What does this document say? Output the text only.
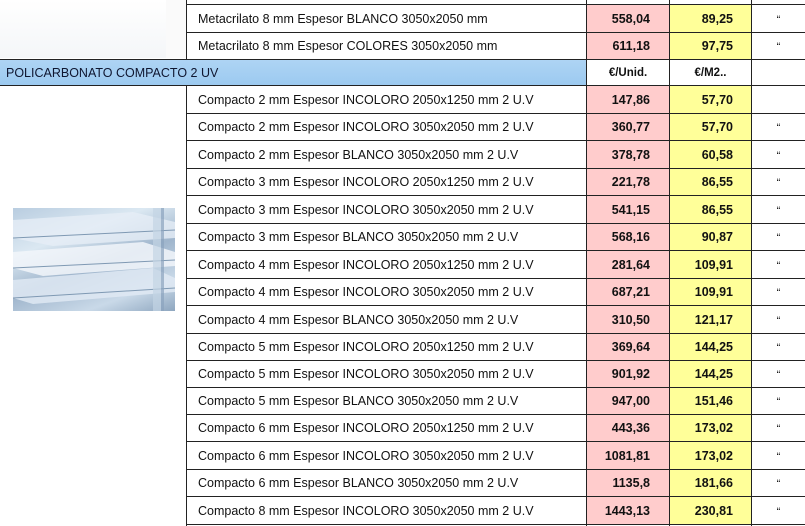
Metacrilato 8 mm Espesor BLANCO 3050x2050 mm	558,04	89,25	“
Metacrilato 8 mm Espesor COLORES 3050x2050 mm	611,18	97,75	“
POLICARBONATO COMPACTO 2 UV	€/Unid.	€/M2..
Compacto 2 mm Espesor INCOLORO 2050x1250 mm 2 U.V	147,86	57,70
Compacto 2 mm Espesor INCOLORO 3050x2050 mm 2 U.V	360,77	57,70	“
Compacto 2 mm Espesor BLANCO 3050x2050 mm 2 U.V	378,78	60,58	“
Compacto 3 mm Espesor INCOLORO 2050x1250 mm 2 U.V	221,78	86,55	“
Compacto 3 mm Espesor INCOLORO 3050x2050 mm 2 U.V	541,15	86,55	“
Compacto 3 mm Espesor BLANCO 3050x2050 mm 2 U.V	568,16	90,87	“
Compacto 4 mm Espesor INCOLORO 2050x1250 mm 2 U.V	281,64	109,91	“
Compacto 4 mm Espesor INCOLORO 3050x2050 mm 2 U.V	687,21	109,91	“
Compacto 4 mm Espesor BLANCO 3050x2050 mm 2 U.V	310,50	121,17	“
Compacto 5 mm Espesor INCOLORO 2050x1250 mm 2 U.V	369,64	144,25	“
Compacto 5 mm Espesor INCOLORO 3050x2050 mm 2 U.V	901,92	144,25	“
Compacto 5 mm Espesor BLANCO 3050x2050 mm 2 U.V	947,00	151,46	“
Compacto 6 mm Espesor INCOLORO 2050x1250 mm 2 U.V	443,36	173,02	“
Compacto 6 mm Espesor INCOLORO 3050x2050 mm 2 U.V	1081,81	173,02	“
Compacto 6 mm Espesor BLANCO 3050x2050 mm 2 U.V	1135,8	181,66	“
Compacto 8 mm Espesor INCOLORO 3050x2050 mm 2 U.V	1443,13	230,81	“
